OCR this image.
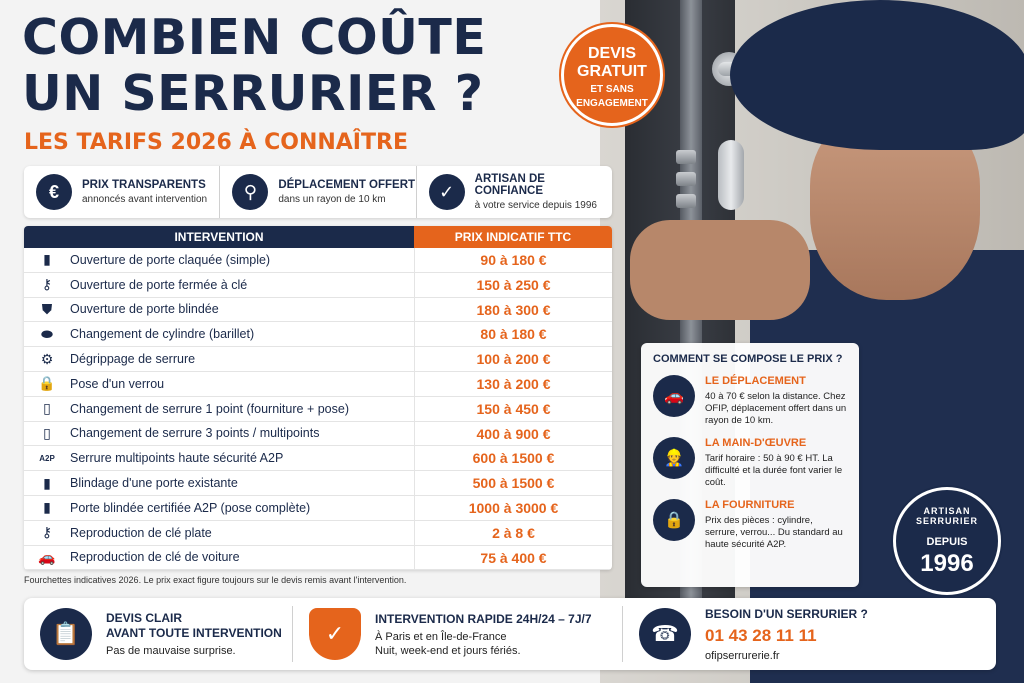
COMBIEN COÛTE
UN SERRURIER ?
LES TARIFS 2026 À CONNAÎTRE
DEVIS
GRATUIT
ET SANS
ENGAGEMENT
€	PRIX TRANSPARENTS
annoncés avant intervention	⚲	DÉPLACEMENT OFFERT
dans un rayon de 10 km	✓
ARTISAN DE CONFIANCE
à votre service depuis 1996
INTERVENTION	PRIX INDICATIF TTC
▮	Ouverture de porte claquée (simple)	90 à 180 €
⚷	Ouverture de porte fermée à clé	150 à 250 €
⛊	Ouverture de porte blindée	180 à 300 €
⬬	Changement de cylindre (barillet)	80 à 180 €
⚙	Dégrippage de serrure	100 à 200 €
🔒	Pose d'un verrou	130 à 200 €
▯	Changement de serrure 1 point (fourniture + pose)	150 à 450 €
▯	Changement de serrure 3 points / multipoints	400 à 900 €
A2P	Serrure multipoints haute sécurité A2P	600 à 1500 €
▮	Blindage d'une porte existante	500 à 1500 €
▮	Porte blindée certifiée A2P (pose complète)	1000 à 3000 €
⚷	Reproduction de clé plate	2 à 8 €
🚗	Reproduction de clé de voiture	75 à 400 €
Fourchettes indicatives 2026. Le prix exact figure toujours sur le devis remis avant l'intervention.
COMMENT SE COMPOSE LE PRIX ?
🚗
LE DÉPLACEMENT
40 à 70 € selon la distance. Chez OFIP, déplacement offert dans un rayon de 10 km.
👷
LA MAIN-D'ŒUVRE
Tarif horaire : 50 à 90 € HT. La difficulté et la durée font varier le coût.
🔒
LA FOURNITURE
Prix des pièces : cylindre, serrure, verrou... Du standard au haute sécurité A2P.
ARTISAN SERRURIER
DEPUIS
1996
📋
DEVIS CLAIR
AVANT TOUTE INTERVENTION
Pas de mauvaise surprise.
✓
INTERVENTION RAPIDE 24H/24 – 7J/7
À Paris et en Île-de-France
Nuit, week-end et jours fériés.
☎
BESOIN D'UN SERRURIER ?
01 43 28 11 11
ofipserrurerie.fr
